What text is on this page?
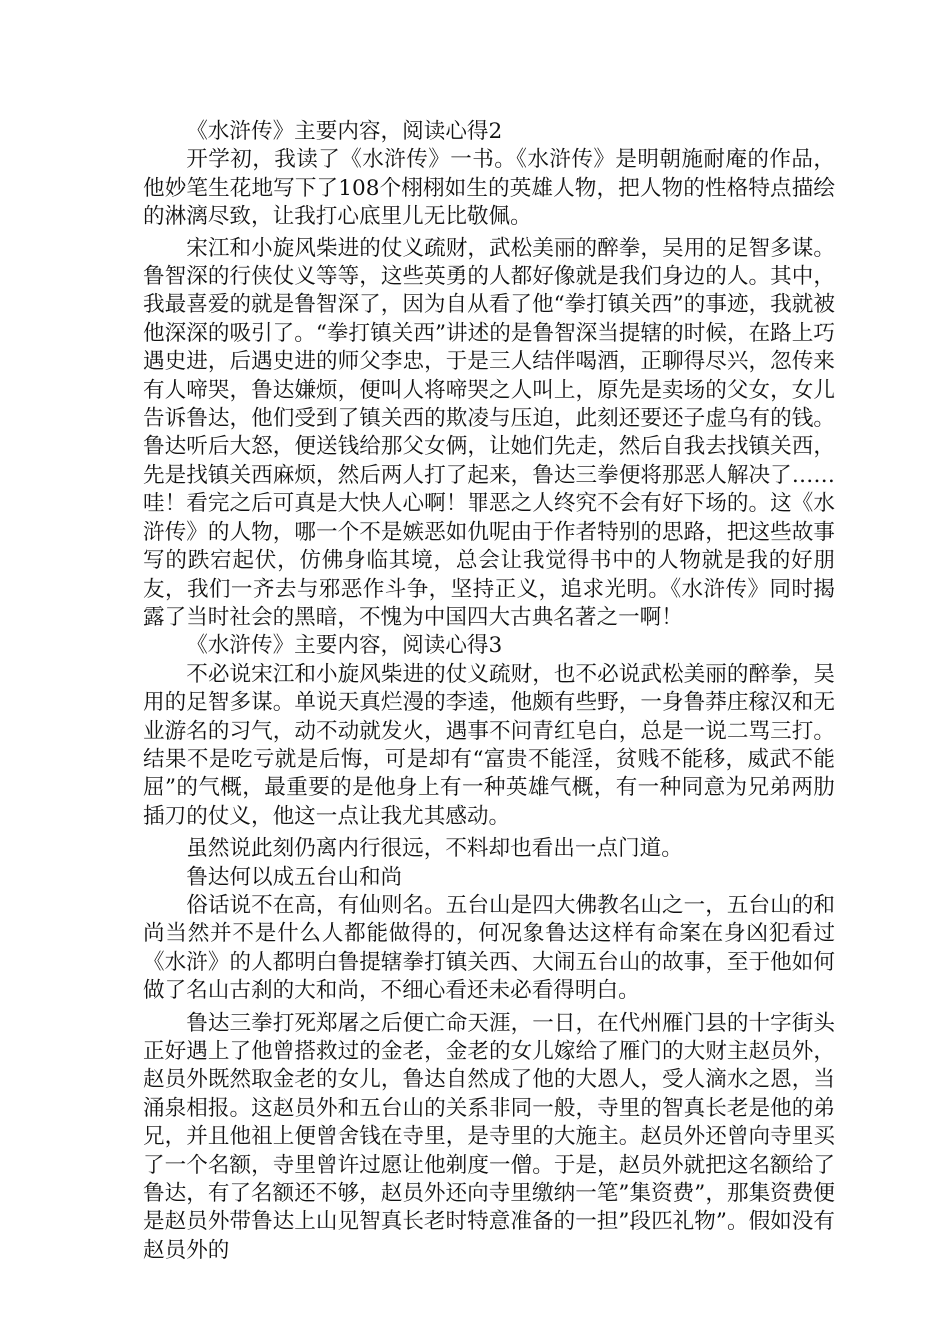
《水浒传》主要内容，阅读心得2

开学初，我读了《水浒传》一书。《水浒传》是明朝施耐庵的作品，他妙笔生花地写下了108个栩栩如生的英雄人物，把人物的性格特点描绘的淋漓尽致，让我打心底里儿无比敬佩。

宋江和小旋风柴进的仗义疏财，武松美丽的醉拳，吴用的足智多谋。鲁智深的行侠仗义等等，这些英勇的人都好像就是我们身边的人。其中，我最喜爱的就是鲁智深了，因为自从看了他“拳打镇关西”的事迹，我就被他深深的吸引了。“拳打镇关西”讲述的是鲁智深当提辖的时候，在路上巧遇史进，后遇史进的师父李忠，于是三人结伴喝酒，正聊得尽兴，忽传来有人啼哭，鲁达嫌烦，便叫人将啼哭之人叫上，原先是卖场的父女，女儿告诉鲁达，他们受到了镇关西的欺凌与压迫，此刻还要还子虚乌有的钱。鲁达听后大怒，便送钱给那父女俩，让她们先走，然后自我去找镇关西，先是找镇关西麻烦，然后两人打了起来，鲁达三拳便将那恶人解决了……哇！看完之后可真是大快人心啊！罪恶之人终究不会有好下场的。这《水浒传》的人物，哪一个不是嫉恶如仇呢由于作者特别的思路，把这些故事写的跌宕起伏，仿佛身临其境，总会让我觉得书中的人物就是我的好朋友，我们一齐去与邪恶作斗争，坚持正义，追求光明。《水浒传》同时揭露了当时社会的黑暗，不愧为中国四大古典名著之一啊！

《水浒传》主要内容，阅读心得3

不必说宋江和小旋风柴进的仗义疏财，也不必说武松美丽的醉拳，吴用的足智多谋。单说天真烂漫的李逵，他颇有些野，一身鲁莽庄稼汉和无业游名的习气，动不动就发火，遇事不问青红皂白，总是一说二骂三打。结果不是吃亏就是后悔，可是却有“富贵不能淫，贫贱不能移，威武不能屈”的气概，最重要的是他身上有一种英雄气概，有一种同意为兄弟两肋插刀的仗义，他这一点让我尤其感动。

虽然说此刻仍离内行很远，不料却也看出一点门道。

鲁达何以成五台山和尚

俗话说不在高，有仙则名。五台山是四大佛教名山之一，五台山的和尚当然并不是什么人都能做得的，何况象鲁达这样有命案在身凶犯看过《水浒》的人都明白鲁提辖拳打镇关西、大闹五台山的故事，至于他如何做了名山古刹的大和尚，不细心看还未必看得明白。

鲁达三拳打死郑屠之后便亡命天涯，一日，在代州雁门县的十字街头正好遇上了他曾搭救过的金老，金老的女儿嫁给了雁门的大财主赵员外，赵员外既然取金老的女儿，鲁达自然成了他的大恩人，受人滴水之恩，当涌泉相报。这赵员外和五台山的关系非同一般，寺里的智真长老是他的弟兄，并且他祖上便曾舍钱在寺里，是寺里的大施主。赵员外还曾向寺里买了一个名额，寺里曾许过愿让他剃度一僧。于是，赵员外就把这名额给了鲁达，有了名额还不够，赵员外还向寺里缴纳一笔”集资费”，那集资费便是赵员外带鲁达上山见智真长老时特意准备的一担”段匹礼物”。假如没有赵员外的
